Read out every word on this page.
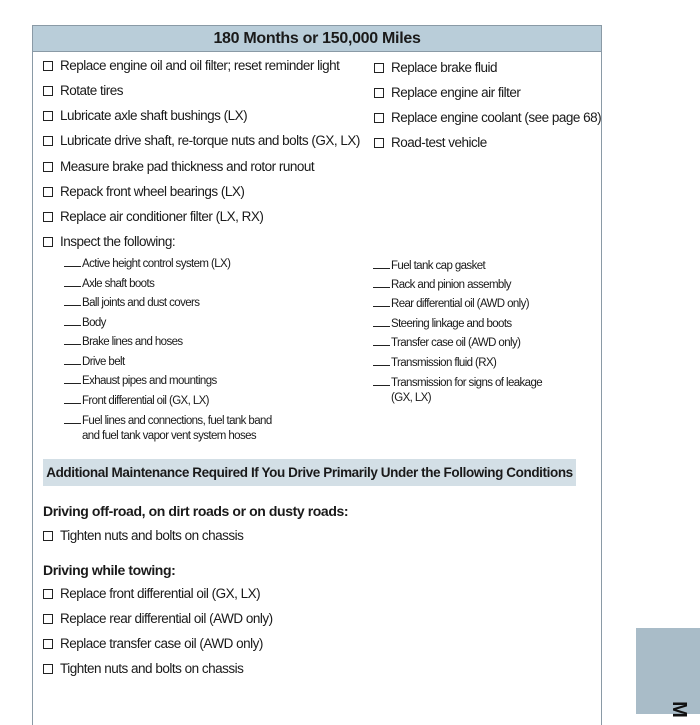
180 Months or 150,000 Miles
Replace engine oil and oil filter; reset reminder light
Rotate tires
Lubricate axle shaft bushings (LX)
Lubricate drive shaft, re-torque nuts and bolts (GX, LX)
Measure brake pad thickness and rotor runout
Repack front wheel bearings (LX)
Replace air conditioner filter (LX, RX)
Inspect the following:
Replace brake fluid
Replace engine air filter
Replace engine coolant (see page 68)
Road-test vehicle
Active height control system (LX)
Axle shaft boots
Ball joints and dust covers
Body
Brake lines and hoses
Drive belt
Exhaust pipes and mountings
Front differential oil (GX, LX)
Fuel lines and connections, fuel tank band
and fuel tank vapor vent system hoses
Fuel tank cap gasket
Rack and pinion assembly
Rear differential oil (AWD only)
Steering linkage and boots
Transfer case oil (AWD only)
Transmission fluid (RX)
Transmission for signs of leakage
(GX, LX)
Additional Maintenance Required If You Drive Primarily Under the Following Conditions
Driving off-road, on dirt roads or on dusty roads:
Tighten nuts and bolts on chassis
Driving while towing:
Replace front differential oil (GX, LX)
Replace rear differential oil (AWD only)
Replace transfer case oil (AWD only)
Tighten nuts and bolts on chassis
M
